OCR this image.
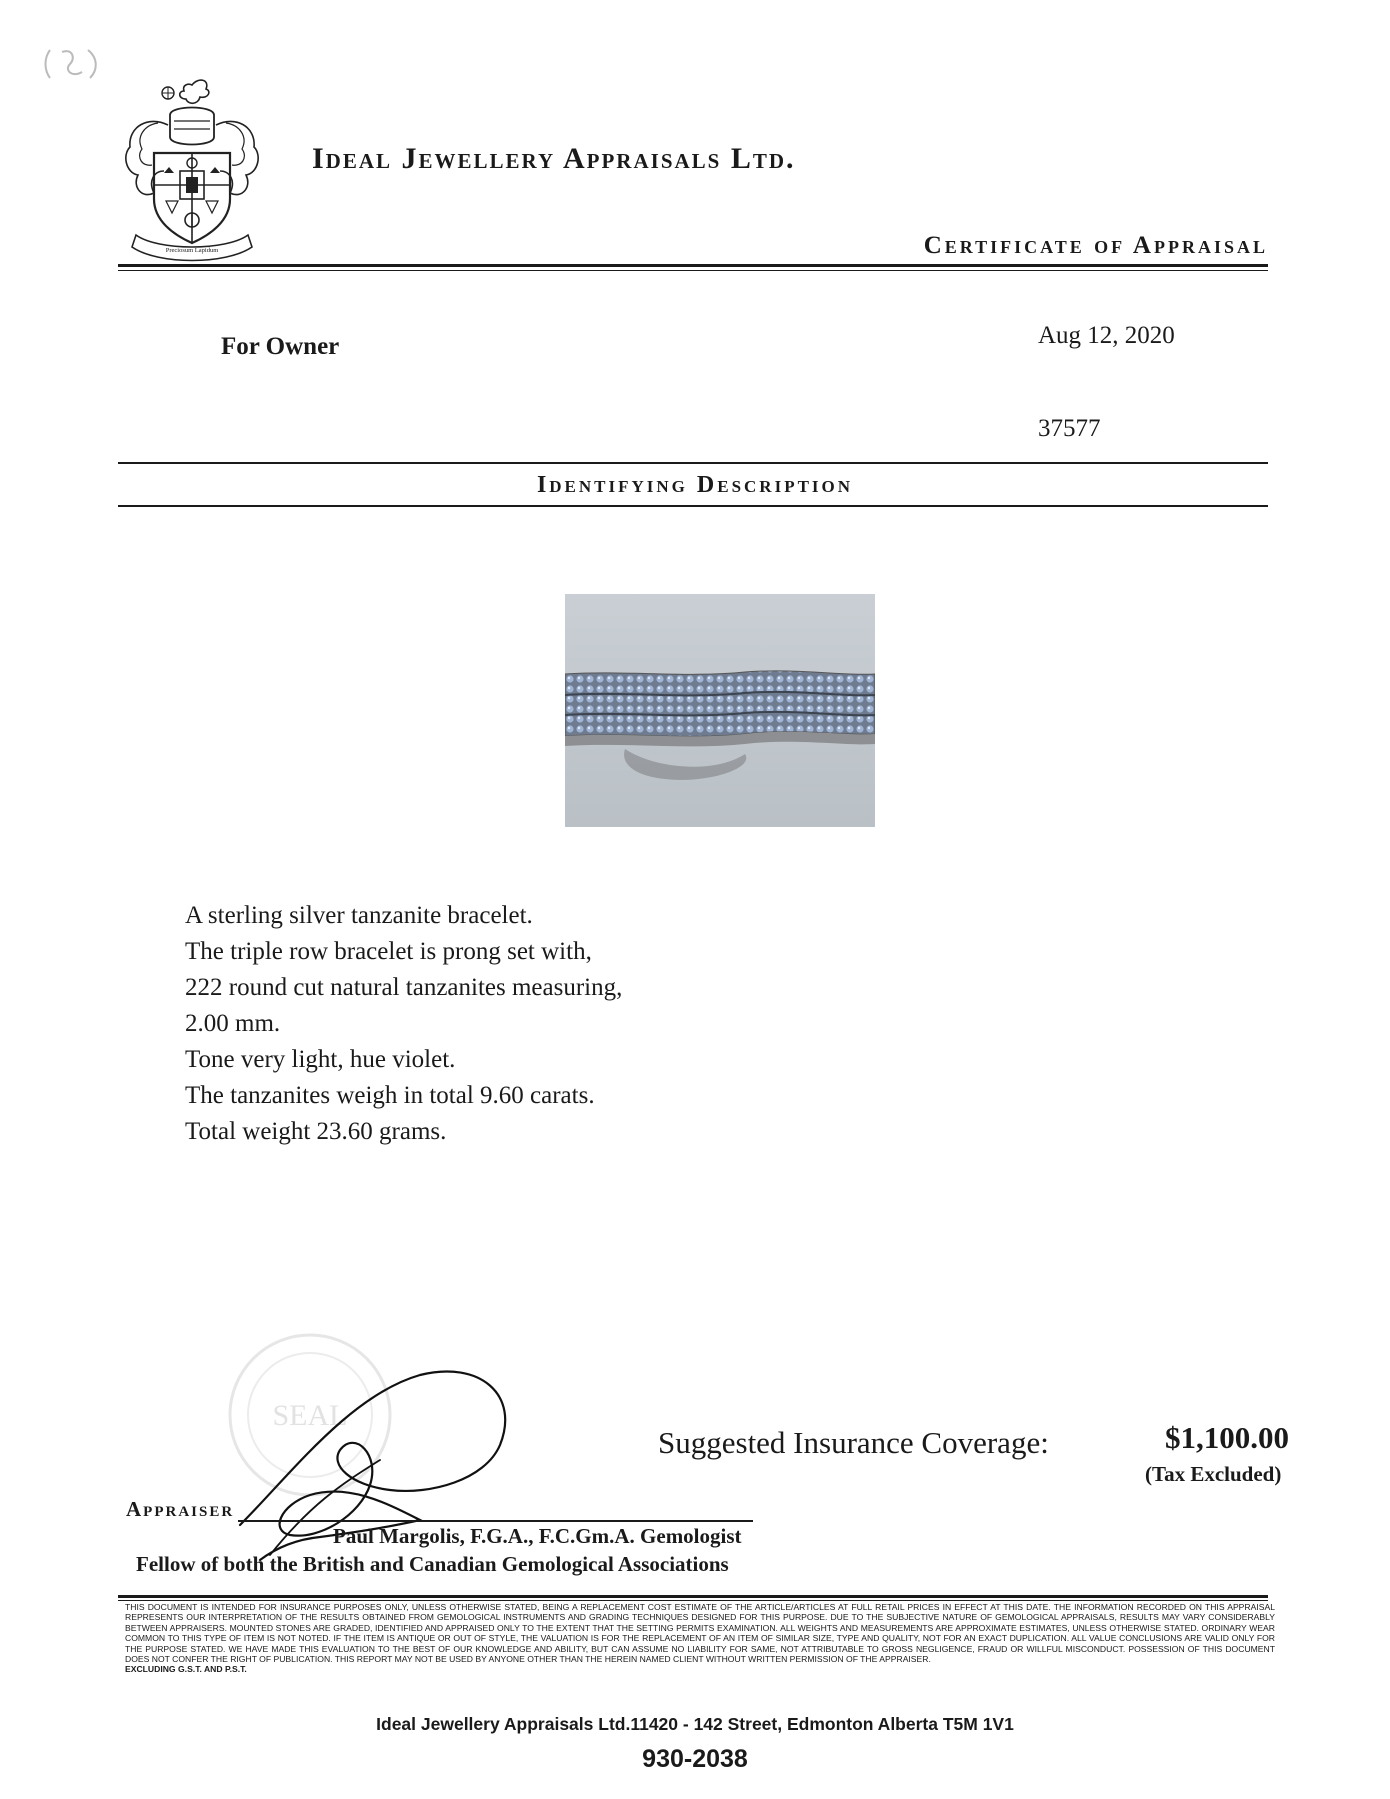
Preciosum Lapidum
Ideal Jewellery Appraisals Ltd.
Certificate of Appraisal
For Owner	Aug 12, 2020
37577
Identifying Description
A sterling silver tanzanite bracelet.
The triple row bracelet is prong set with,
222 round cut natural tanzanites measuring,
2.00 mm.
Tone very light, hue violet.
The tanzanites weigh in total 9.60 carats.
Total weight 23.60 grams.
SEAL
Suggested Insurance Coverage:	$1,100.00
(Tax Excluded)
Appraiser
Paul Margolis, F.G.A., F.C.Gm.A. Gemologist
Fellow of both the British and Canadian Gemological Associations
THIS DOCUMENT IS INTENDED FOR INSURANCE PURPOSES ONLY, UNLESS OTHERWISE STATED, BEING A REPLACEMENT COST ESTIMATE OF THE ARTICLE/ARTICLES AT FULL RETAIL PRICES IN EFFECT AT THIS DATE. THE INFORMATION RECORDED ON THIS APPRAISAL REPRESENTS OUR INTERPRETATION OF THE RESULTS OBTAINED FROM GEMOLOGICAL INSTRUMENTS AND GRADING TECHNIQUES DESIGNED FOR THIS PURPOSE. DUE TO THE SUBJECTIVE NATURE OF GEMOLOGICAL APPRAISALS, RESULTS MAY VARY CONSIDERABLY BETWEEN APPRAISERS. MOUNTED STONES ARE GRADED, IDENTIFIED AND APPRAISED ONLY TO THE EXTENT THAT THE SETTING PERMITS EXAMINATION. ALL WEIGHTS AND MEASUREMENTS ARE APPROXIMATE ESTIMATES, UNLESS OTHERWISE STATED. ORDINARY WEAR COMMON TO THIS TYPE OF ITEM IS NOT NOTED. IF THE ITEM IS ANTIQUE OR OUT OF STYLE, THE VALUATION IS FOR THE REPLACEMENT OF AN ITEM OF SIMILAR SIZE, TYPE AND QUALITY, NOT FOR AN EXACT DUPLICATION. ALL VALUE CONCLUSIONS ARE VALID ONLY FOR THE PURPOSE STATED. WE HAVE MADE THIS EVALUATION TO THE BEST OF OUR KNOWLEDGE AND ABILITY, BUT CAN ASSUME NO LIABILITY FOR SAME, NOT ATTRIBUTABLE TO GROSS NEGLIGENCE, FRAUD OR WILLFUL MISCONDUCT. POSSESSION OF THIS DOCUMENT DOES NOT CONFER THE RIGHT OF PUBLICATION. THIS REPORT MAY NOT BE USED BY ANYONE OTHER THAN THE HEREIN NAMED CLIENT WITHOUT WRITTEN PERMISSION OF THE APPRAISER.
EXCLUDING G.S.T. AND P.S.T.
Ideal Jewellery Appraisals Ltd.11420 - 142 Street, Edmonton Alberta T5M 1V1
930-2038
